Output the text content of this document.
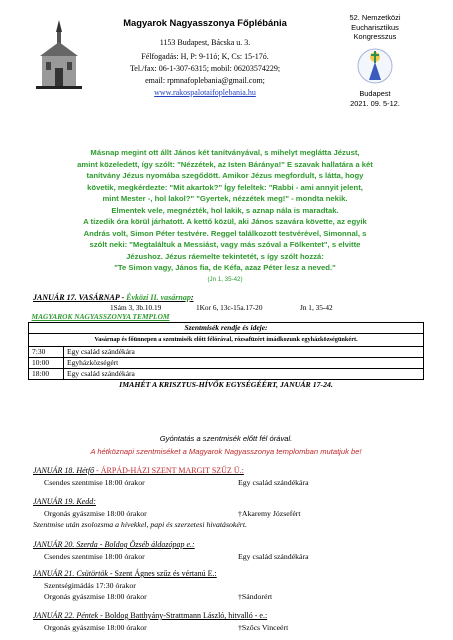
Magyarok Nagyasszonya Főplébánia
1153 Budapest, Bácska u. 3.
Félfogadás: H, P: 9-11ó; K, Cs: 15-17ó.
Tel./fax: 06-1-307-6315; mobil: 06203574229;
email: rpmnafoplebania@gmail.com;
www.rakospalotaifoplebania.hu
52. Nemzetközi
Eucharisztikus
Kongresszus
Budapest
2021. 09. 5-12.

Másnap megint ott állt János két tanítványával, s mihelyt meglátta Jézust,

amint közeledett, így szólt: "Nézzétek, az Isten Báránya!" E szavak hallatára a két

tanítvány Jézus nyomába szegődött. Amikor Jézus megfordult, s látta, hogy

követik, megkérdezte: "Mit akartok?" Így feleltek: "Rabbi - ami annyit jelent,

mint Mester -, hol lakol?" "Gyertek, nézzétek meg!" - mondta nekik.

Elmentek vele, megnézték, hol lakik, s aznap nála is maradtak.

A tizedik óra körül járhatott. A kettő közül, aki János szavára követte, az egyik

András volt, Simon Péter testvére. Reggel találkozott testvérével, Simonnal, s

szólt neki: "Megtaláltuk a Messiást, vagy más szóval a Fölkentet", s elvitte

Jézushoz. Jézus ráemelte tekintetét, s így szólt hozzá:

"Te Simon vagy, János fia, de Kéfa, azaz Péter lesz a neved."

(Jn 1, 35-42)

JANUÁR 17. VASÁRNAP - Évközi II. vasárnap:
1Sám 3, 3b.10.19	1Kor 6, 13c-15a.17-20	Jn 1, 35-42
MAGYAROK NAGYASSZONYA TEMPLOM	
Szentmisék rendje és ideje:	
Vasárnap és főünnepen a szentmisék előtt félórával, rózsafüzért imádkozunk egyházközségünkért.	
7:30	Egy család szándékára
10:00	Egyházközségért
18:00	Egy család szándékára
IMAHÉT A KRISZTUS-HÍVŐK EGYSÉGÉÉRT, JANUÁR 17-24.	
Gyóntatás a szentmisék előtt fél órával.
A hétköznapi szentmiséket a Magyarok Nagyasszonya templomban mutatjuk be!
JANUÁR 18. Hétfő - ÁRPÁD-HÁZI SZENT MARGIT SZŰZ Ü.:
Csendes szentmise 18:00 órakor	Egy család szándékára
JANUÁR 19. Kedd:
Orgonás gyászmise 18:00 órakor	†Akaremy Józsefért
Szentmise után zsolozsma a hívekkel, papi és szerzetesi hivatásokért.
JANUÁR 20. Szerda - Boldog Özséb áldozópap e.:
Csendes szentmise 18:00 órakor	Egy család szándékára
JANUÁR 21. Csütörtök - Szent Ágnes szűz és vértanú E.:
Szentségimádás 17:30 órakor
Orgonás gyászmise 18:00 órakor	†Sándorért
JANUÁR 22. Péntek - Boldog Batthyány-Strattmann László, hitvalló - e.:
Orgonás gyászmise 18:00 órakor	†Szőcs Vinceért
